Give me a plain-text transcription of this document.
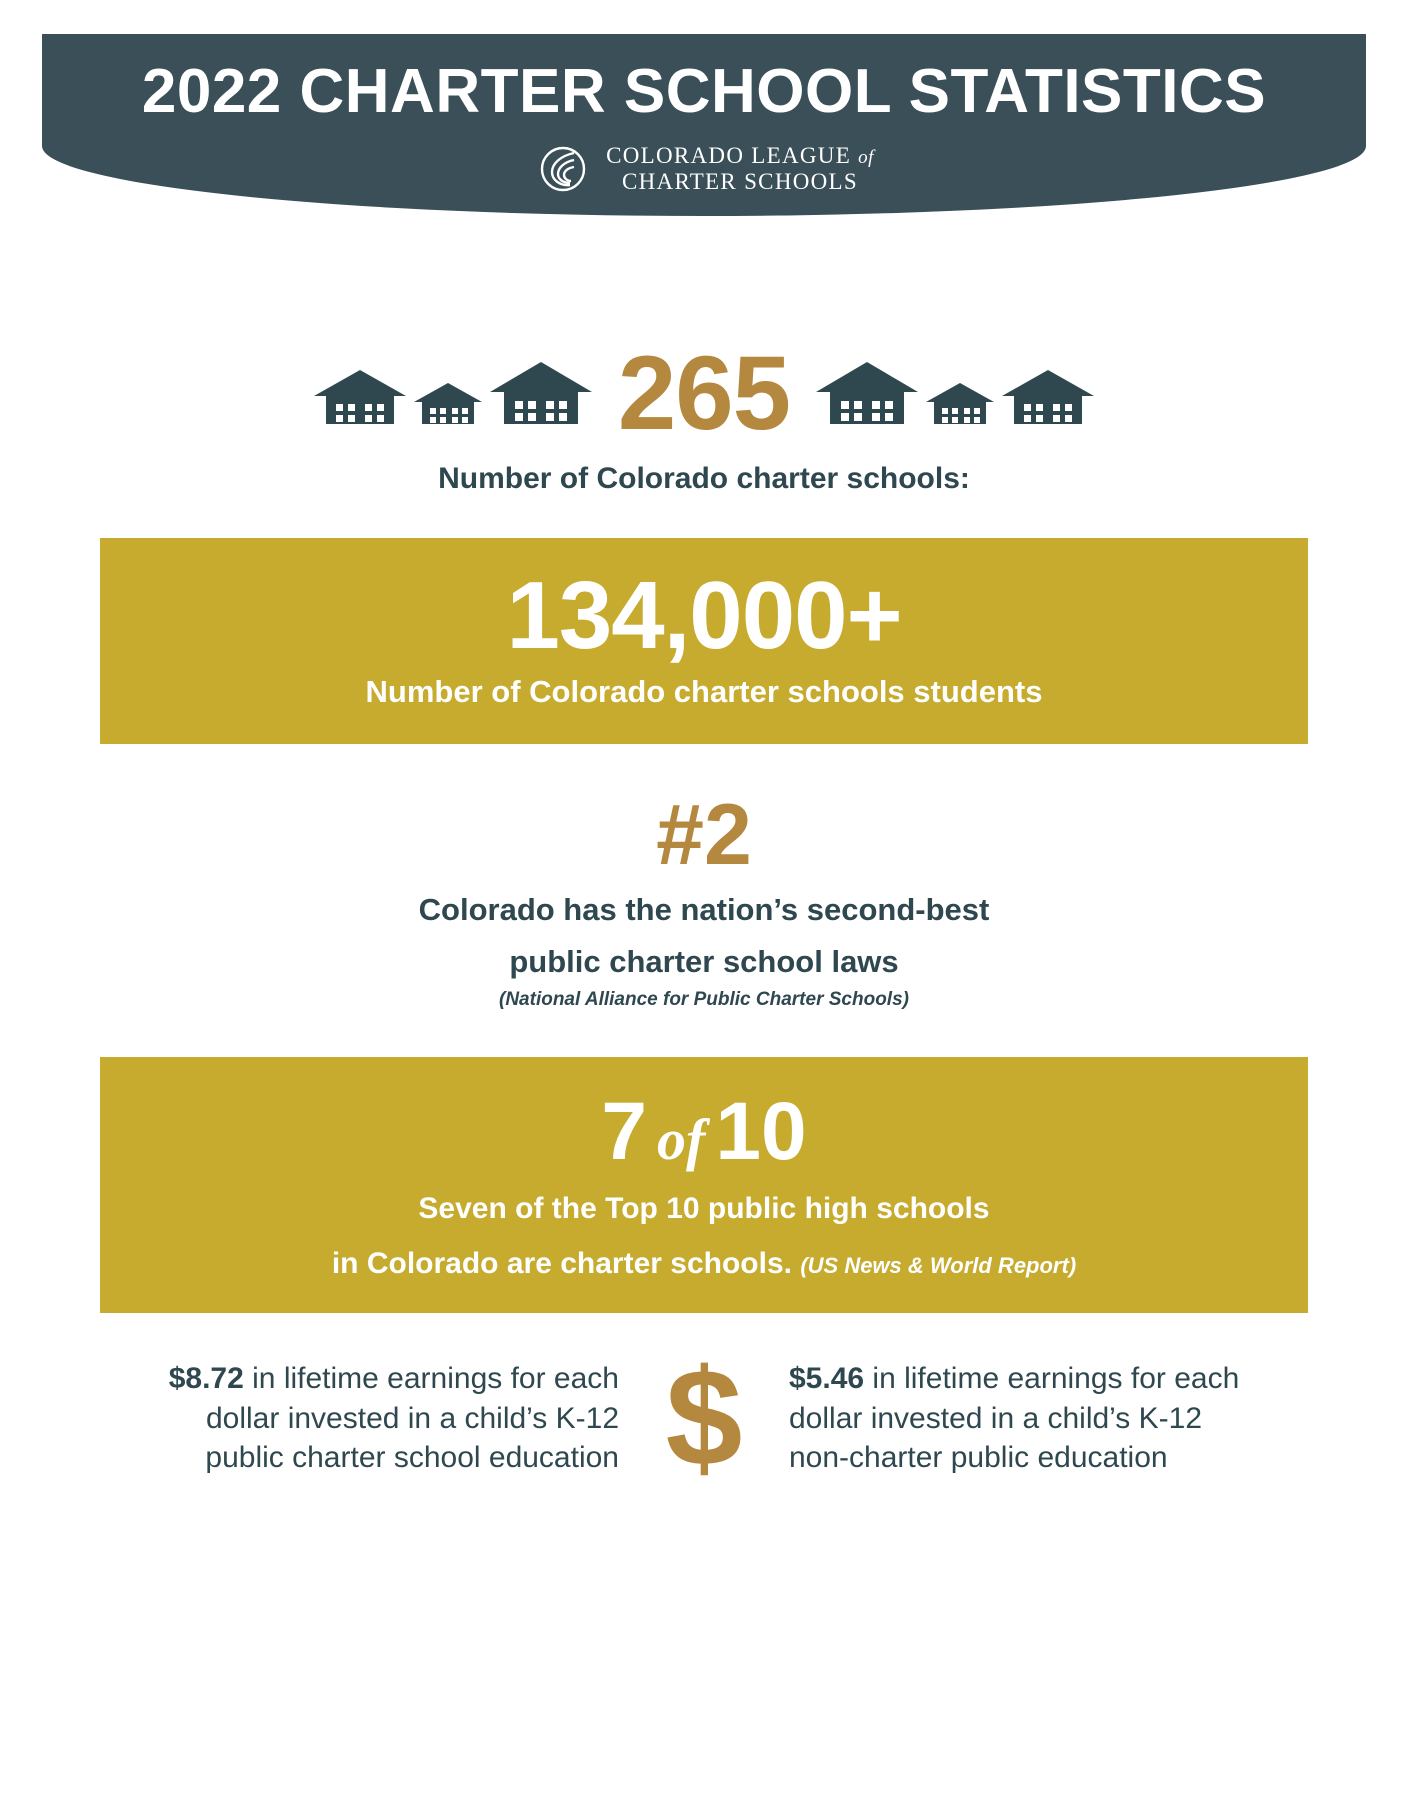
2022 CHARTER SCHOOL STATISTICS
COLORADO LEAGUE of
CHARTER SCHOOLS
265
Number of Colorado charter schools:
134,000+
Number of Colorado charter schools students
#2
Colorado has the nation’s second-best
public charter school laws
(National Alliance for Public Charter Schools)
7 of 10
Seven of the Top 10 public high schools
in Colorado are charter schools. (US News & World Report)
$8.72 in lifetime earnings for each dollar invested in a child’s K-12 public charter school education $	$5.46 in lifetime earnings for each dollar invested in a child’s K-12 non-charter public education
